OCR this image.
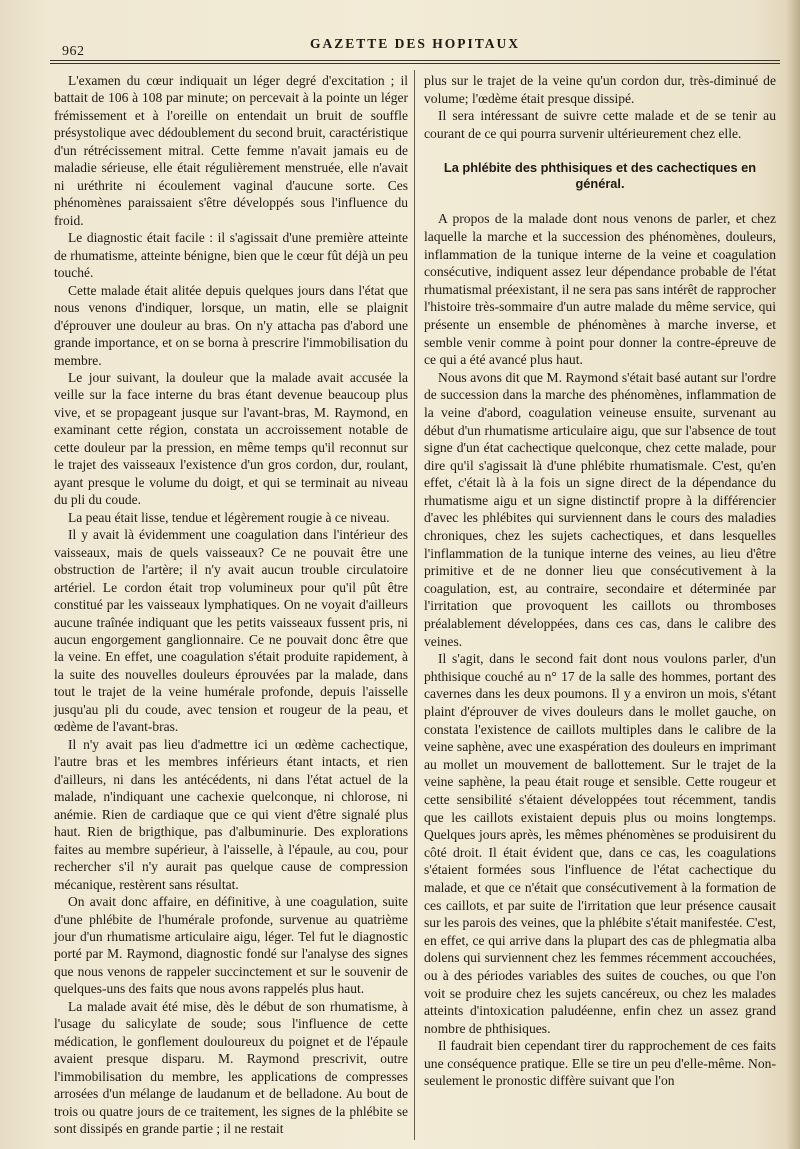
962
GAZETTE DES HOPITAUX

L'examen du cœur indiquait un léger degré d'excitation ; il battait de 106 à 108 par minute; on percevait à la pointe un léger frémissement et à l'oreille on entendait un bruit de souffle présystolique avec dédoublement du second bruit, caractéristique d'un rétrécissement mitral. Cette femme n'avait jamais eu de maladie sérieuse, elle était régulièrement menstruée, elle n'avait ni uréthrite ni écoulement vaginal d'aucune sorte. Ces phénomènes paraissaient s'être développés sous l'influence du froid.

Le diagnostic était facile : il s'agissait d'une première atteinte de rhumatisme, atteinte bénigne, bien que le cœur fût déjà un peu touché.

Cette malade était alitée depuis quelques jours dans l'état que nous venons d'indiquer, lorsque, un matin, elle se plaignit d'éprouver une douleur au bras. On n'y attacha pas d'abord une grande importance, et on se borna à prescrire l'immobilisation du membre.

Le jour suivant, la douleur que la malade avait accusée la veille sur la face interne du bras étant devenue beaucoup plus vive, et se propageant jusque sur l'avant-bras, M. Raymond, en examinant cette région, constata un accroissement notable de cette douleur par la pression, en même temps qu'il reconnut sur le trajet des vaisseaux l'existence d'un gros cordon, dur, roulant, ayant presque le volume du doigt, et qui se terminait au niveau du pli du coude.

La peau était lisse, tendue et légèrement rougie à ce niveau.

Il y avait là évidemment une coagulation dans l'intérieur des vaisseaux, mais de quels vaisseaux? Ce ne pouvait être une obstruction de l'artère; il n'y avait aucun trouble circulatoire artériel. Le cordon était trop volumineux pour qu'il pût être constitué par les vaisseaux lymphatiques. On ne voyait d'ailleurs aucune traînée indiquant que les petits vaisseaux fussent pris, ni aucun engorgement ganglionnaire. Ce ne pouvait donc être que la veine. En effet, une coagulation s'était produite rapidement, à la suite des nouvelles douleurs éprouvées par la malade, dans tout le trajet de la veine humérale profonde, depuis l'aisselle jusqu'au pli du coude, avec tension et rougeur de la peau, et œdème de l'avant-bras.

Il n'y avait pas lieu d'admettre ici un œdème cachectique, l'autre bras et les membres inférieurs étant intacts, et rien d'ailleurs, ni dans les antécédents, ni dans l'état actuel de la malade, n'indiquant une cachexie quelconque, ni chlorose, ni anémie. Rien de cardiaque que ce qui vient d'être signalé plus haut. Rien de brigthique, pas d'albuminurie. Des explorations faites au membre supérieur, à l'aisselle, à l'épaule, au cou, pour rechercher s'il n'y aurait pas quelque cause de compression mécanique, restèrent sans résultat.

On avait donc affaire, en définitive, à une coagulation, suite d'une phlébite de l'humérale profonde, survenue au quatrième jour d'un rhumatisme articulaire aigu, léger. Tel fut le diagnostic porté par M. Raymond, diagnostic fondé sur l'analyse des signes que nous venons de rappeler succinctement et sur le souvenir de quelques-uns des faits que nous avons rappelés plus haut.

La malade avait été mise, dès le début de son rhumatisme, à l'usage du salicylate de soude; sous l'influence de cette médication, le gonflement douloureux du poignet et de l'épaule avaient presque disparu. M. Raymond prescrivit, outre l'immobilisation du membre, les applications de compresses arrosées d'un mélange de laudanum et de belladone. Au bout de trois ou quatre jours de ce traitement, les signes de la phlébite se sont dissipés en grande partie ; il ne restait

plus sur le trajet de la veine qu'un cordon dur, très-diminué de volume; l'œdème était presque dissipé.

Il sera intéressant de suivre cette malade et de se tenir au courant de ce qui pourra survenir ultérieurement chez elle.

La phlébite des phthisiques et des cachectiques en général.

A propos de la malade dont nous venons de parler, et chez laquelle la marche et la succession des phénomènes, douleurs, inflammation de la tunique interne de la veine et coagulation consécutive, indiquent assez leur dépendance probable de l'état rhumatismal préexistant, il ne sera pas sans intérêt de rapprocher l'histoire très-sommaire d'un autre malade du même service, qui présente un ensemble de phénomènes à marche inverse, et semble venir comme à point pour donner la contre-épreuve de ce qui a été avancé plus haut.

Nous avons dit que M. Raymond s'était basé autant sur l'ordre de succession dans la marche des phénomènes, inflammation de la veine d'abord, coagulation veineuse ensuite, survenant au début d'un rhumatisme articulaire aigu, que sur l'absence de tout signe d'un état cachectique quelconque, chez cette malade, pour dire qu'il s'agissait là d'une phlébite rhumatismale. C'est, qu'en effet, c'était là à la fois un signe direct de la dépendance du rhumatisme aigu et un signe distinctif propre à la différencier d'avec les phlébites qui surviennent dans le cours des maladies chroniques, chez les sujets cachectiques, et dans lesquelles l'inflammation de la tunique interne des veines, au lieu d'être primitive et de ne donner lieu que consécutivement à la coagulation, est, au contraire, secondaire et déterminée par l'irritation que provoquent les caillots ou thromboses préalablement développées, dans ces cas, dans le calibre des veines.

Il s'agit, dans le second fait dont nous voulons parler, d'un phthisique couché au n° 17 de la salle des hommes, portant des cavernes dans les deux poumons. Il y a environ un mois, s'étant plaint d'éprouver de vives douleurs dans le mollet gauche, on constata l'existence de caillots multiples dans le calibre de la veine saphène, avec une exaspération des douleurs en imprimant au mollet un mouvement de ballottement. Sur le trajet de la veine saphène, la peau était rouge et sensible. Cette rougeur et cette sensibilité s'étaient développées tout récemment, tandis que les caillots existaient depuis plus ou moins longtemps. Quelques jours après, les mêmes phénomènes se produisirent du côté droit. Il était évident que, dans ce cas, les coagulations s'étaient formées sous l'influence de l'état cachectique du malade, et que ce n'était que consécutivement à la formation de ces caillots, et par suite de l'irritation que leur présence causait sur les parois des veines, que la phlébite s'était manifestée. C'est, en effet, ce qui arrive dans la plupart des cas de phlegmatia alba dolens qui surviennent chez les femmes récemment accouchées, ou à des périodes variables des suites de couches, ou que l'on voit se produire chez les sujets cancéreux, ou chez les malades atteints d'intoxication paludéenne, enfin chez un assez grand nombre de phthisiques.

Il faudrait bien cependant tirer du rapprochement de ces faits une conséquence pratique. Elle se tire un peu d'elle-même. Non-seulement le pronostic diffère suivant que l'on
